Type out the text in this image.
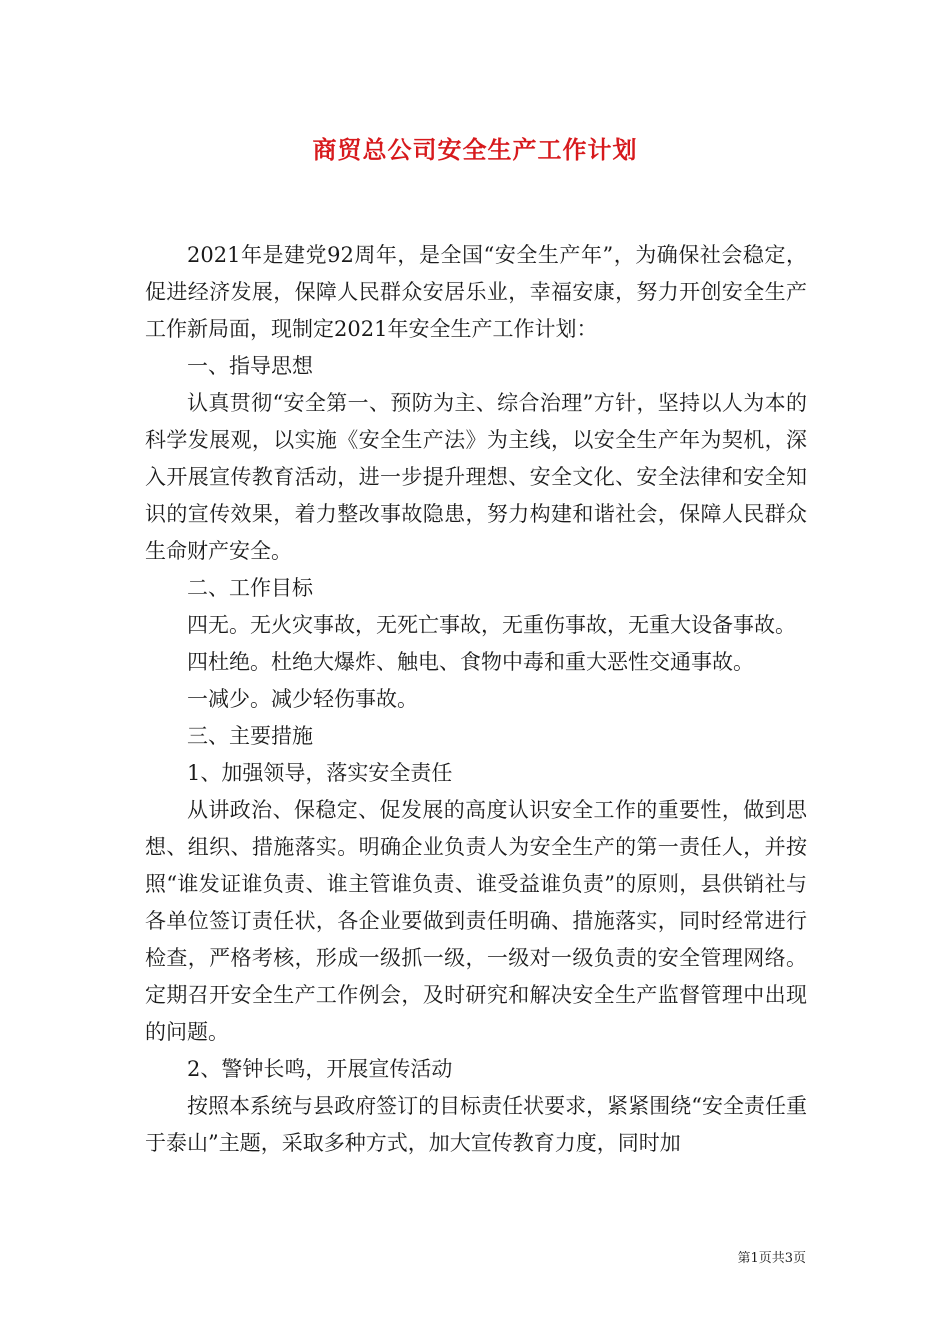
商贸总公司安全生产工作计划

2021年是建党92周年，是全国“安全生产年”，为确保社会稳定，促进经济发展，保障人民群众安居乐业，幸福安康，努力开创安全生产工作新局面，现制定2021年安全生产工作计划：

一、指导思想

认真贯彻“安全第一、预防为主、综合治理”方针，坚持以人为本的科学发展观，以实施《安全生产法》为主线，以安全生产年为契机，深入开展宣传教育活动，进一步提升理想、安全文化、安全法律和安全知识的宣传效果，着力整改事故隐患，努力构建和谐社会，保障人民群众生命财产安全。

二、工作目标

四无。无火灾事故，无死亡事故，无重伤事故，无重大设备事故。

四杜绝。杜绝大爆炸、触电、食物中毒和重大恶性交通事故。

一减少。减少轻伤事故。

三、主要措施

1、加强领导，落实安全责任

从讲政治、保稳定、促发展的高度认识安全工作的重要性，做到思想、组织、措施落实。明确企业负责人为安全生产的第一责任人，并按照“谁发证谁负责、谁主管谁负责、谁受益谁负责”的原则，县供销社与各单位签订责任状，各企业要做到责任明确、措施落实，同时经常进行检查，严格考核，形成一级抓一级，一级对一级负责的安全管理网络。定期召开安全生产工作例会，及时研究和解决安全生产监督管理中出现的问题。

2、警钟长鸣，开展宣传活动

按照本系统与县政府签订的目标责任状要求，紧紧围绕“安全责任重于泰山”主题，采取多种方式，加大宣传教育力度，同时加

第1页共3页
